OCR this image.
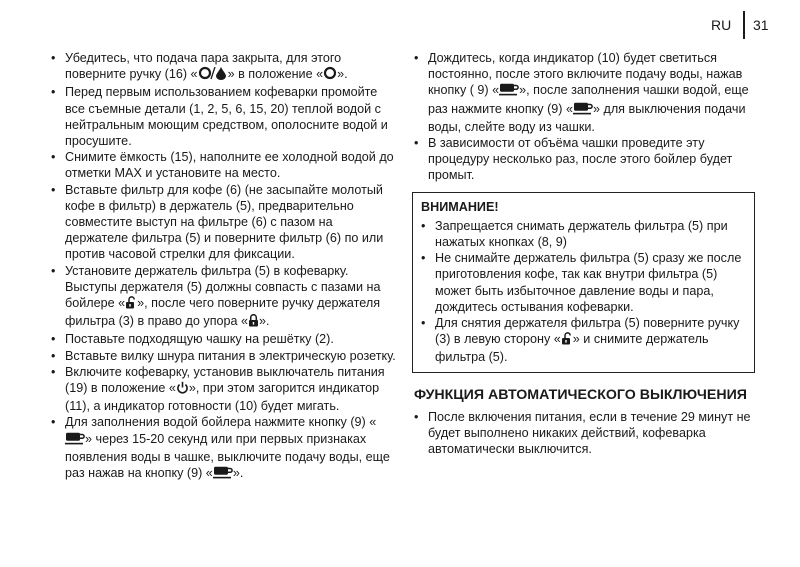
RU 31
• Убедитесь, что подача пара закрыта, для этого поверните ручку (16) « » в положение « ».
• Перед первым использованием кофеварки промойте все съемные детали (1, 2, 5, 6, 15, 20) теплой водой с нейтральным моющим средством, ополосните водой и просушите.
• Снимите ёмкость (15), наполните ее холодной водой до отметки MAX и установите на место.
• Вставьте фильтр для кофе (6) (не засыпайте молотый кофе в фильтр) в держатель (5), предварительно совместите выступ на фильтре (6) с пазом на держателе фильтра (5) и поверните фильтр (6) по или против часовой стрелки для фиксации.
• Установите держатель фильтра (5) в кофеварку. Выступы держателя (5) должны совпасть с пазами на бойлере « », после чего поверните ручку держателя фильтра (3) в право до упора « ».
• Поставьте подходящую чашку на решётку (2).
• Вставьте вилку шнура питания в электрическую розетку.
• Включите кофеварку, установив выключатель питания (19) в положение « », при этом загорится индикатор (11), а индикатор готовности (10) будет мигать.
• Для заполнения водой бойлера нажмите кнопку (9) «» через 15-20 секунд или при первых признаках появления воды в чашке, выключите подачу воды, еще раз нажав на кнопку (9) « ».
• Дождитесь, когда индикатор (10) будет светиться постоянно, после этого включите подачу воды, нажав кнопку ( 9) « », после заполнения чашки водой, еще раз нажмите кнопку (9) « » для выключения подачи воды, слейте воду из чашки.
• В зависимости от объёма чашки проведите эту процедуру несколько раз, после этого бойлер будет промыт.
ВНИМАНИЕ!
• Запрещается снимать держатель фильтра (5) при нажатых кнопках (8, 9)
• Не снимайте держатель фильтра (5) сразу же после приготовления кофе, так как внутри фильтра (5) может быть избыточное давление воды и пара, дождитесь остывания кофеварки.
• Для снятия держателя фильтра (5) поверните ручку (3) в левую сторону « » и снимите держатель фильтра (5).
ФУНКЦИЯ АВТОМАТИЧЕСКОГО ВЫКЛЮЧЕНИЯ
• После включения питания, если в течение 29 минут не будет выполнено никаких действий, кофеварка автоматически выключится.
